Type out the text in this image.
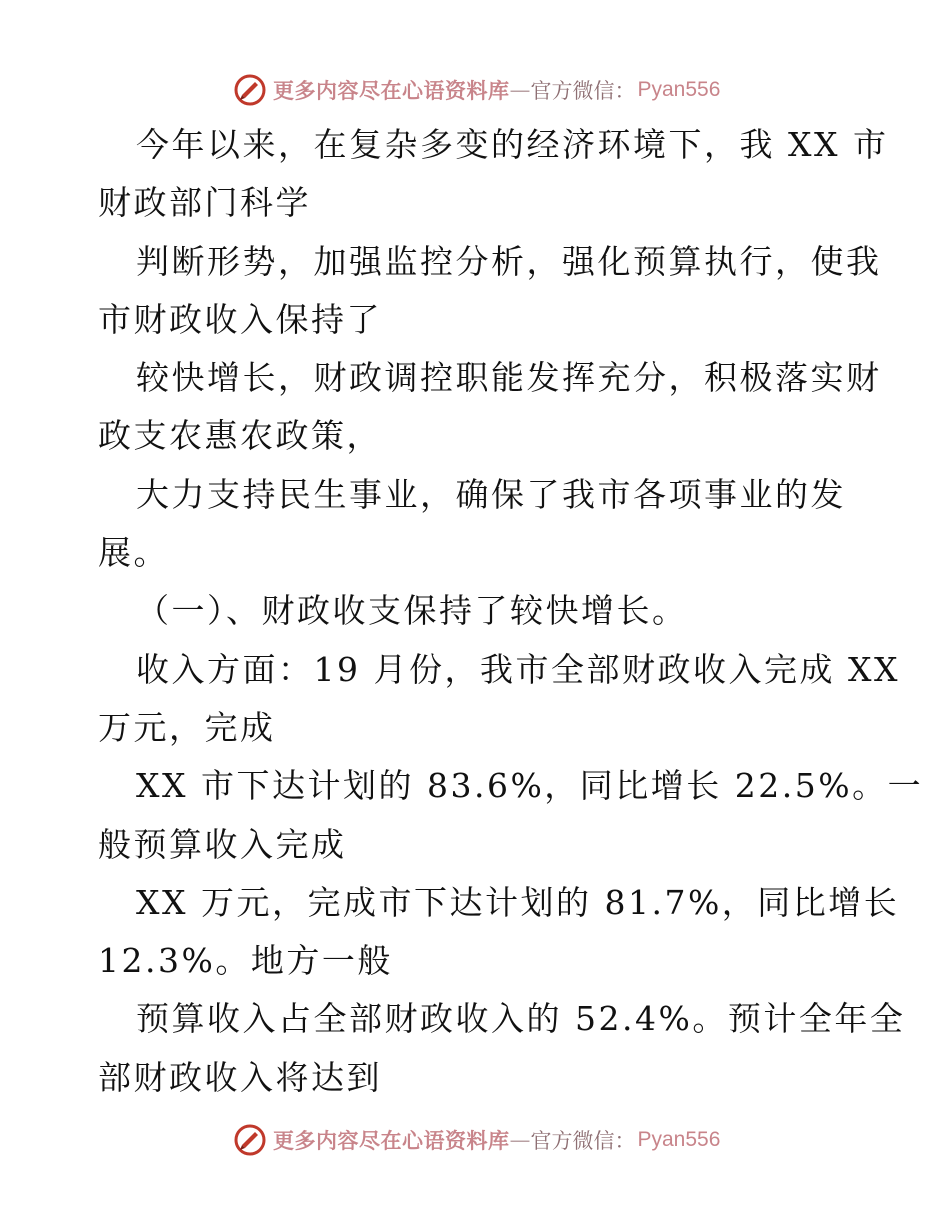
更多内容尽在心语资料库 — 官方微信： Pyan556
今年以来，在复杂多变的经济环境下，我 XX 市
财政部门科学
判断形势，加强监控分析，强化预算执行，使我
市财政收入保持了
较快增长，财政调控职能发挥充分，积极落实财
政支农惠农政策，
大力支持民生事业，确保了我市各项事业的发
展。
（一）、财政收支保持了较快增长。
收入方面：19 月份，我市全部财政收入完成 XX
万元，完成
XX 市下达计划的 83.6%，同比增长 22.5%。一
般预算收入完成
XX 万元，完成市下达计划的 81.7%，同比增长
12.3%。地方一般
预算收入占全部财政收入的 52.4%。预计全年全
部财政收入将达到
更多内容尽在心语资料库 — 官方微信： Pyan556
